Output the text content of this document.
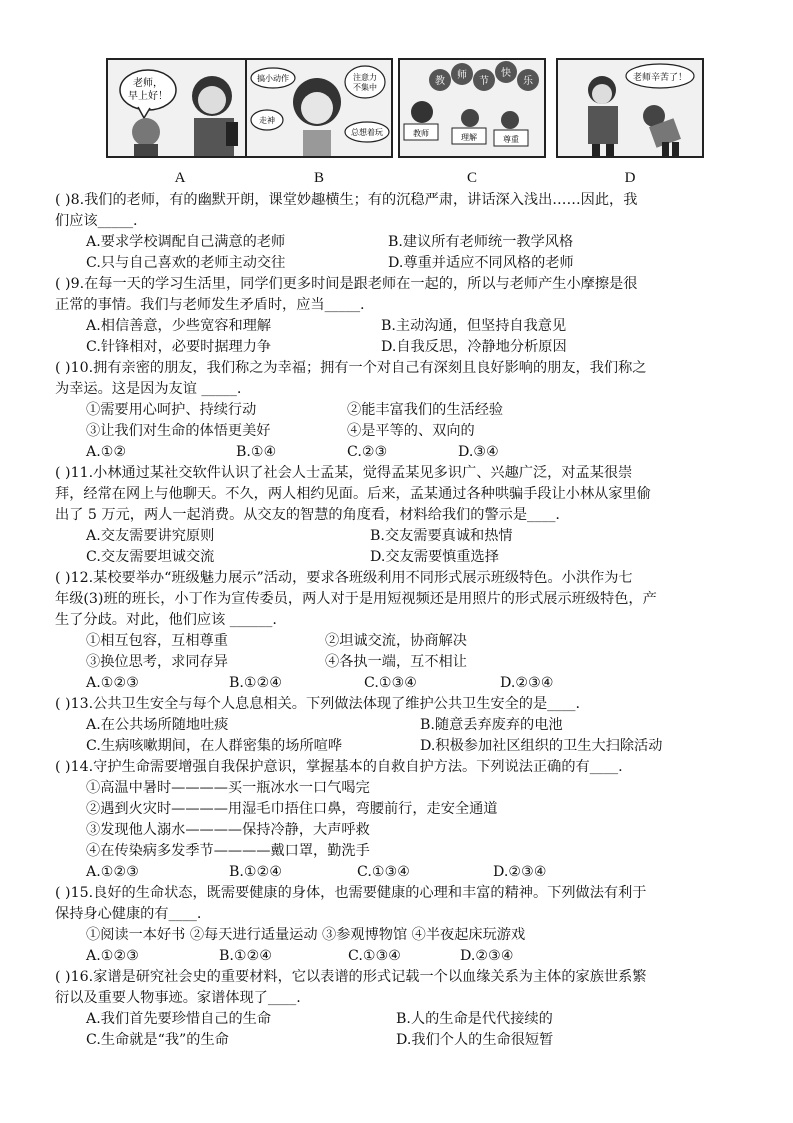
老师，
早上好！
A
搞小动作	注意力
不集中
走神
总想着玩
B
教
师
节
快
乐
教师	理解	尊重
C
老师辛苦了！
D
( )8.我们的老师，有的幽默开朗，课堂妙趣横生；有的沉稳严肃，讲话深入浅出……因此，我
们应该_____.
A.要求学校调配自己满意的老师	B.建议所有老师统一教学风格
C.只与自己喜欢的老师主动交往	D.尊重并适应不同风格的老师
( )9.在每一天的学习生活里，同学们更多时间是跟老师在一起的，所以与老师产生小摩擦是很
正常的事情。我们与老师发生矛盾时，应当_____.
A.相信善意，少些宽容和理解	B.主动沟通，但坚持自我意见
C.针锋相对，必要时据理力争	D.自我反思，冷静地分析原因
( )10.拥有亲密的朋友，我们称之为幸福；拥有一个对自己有深刻且良好影响的朋友，我们称之
为幸运。这是因为友谊 _____.
①需要用心呵护、持续行动	②能丰富我们的生活经验
③让我们对生命的体悟更美好	④是平等的、双向的
A.①②	B.①④	C.②③	D.③④
( )11.小林通过某社交软件认识了社会人士孟某，觉得孟某见多识广、兴趣广泛，对孟某很崇
拜，经常在网上与他聊天。不久，两人相约见面。后来，孟某通过各种哄骗手段让小林从家里偷
出了 5 万元，两人一起消费。从交友的智慧的角度看，材料给我们的警示是____.
A.交友需要讲究原则	B.交友需要真诚和热情
C.交友需要坦诚交流	D.交友需要慎重选择
( )12.某校要举办“班级魅力展示”活动，要求各班级利用不同形式展示班级特色。小洪作为七
年级(3)班的班长，小丁作为宣传委员，两人对于是用短视频还是用照片的形式展示班级特色，产
生了分歧。对此，他们应该 ______.
①相互包容，互相尊重	②坦诚交流，协商解决
③换位思考，求同存异	④各执一端，互不相让
A.①②③	B.①②④	C.①③④	D.②③④
( )13.公共卫生安全与每个人息息相关。下列做法体现了维护公共卫生安全的是____.
A.在公共场所随地吐痰	B.随意丢弃废弃的电池
C.生病咳嗽期间，在人群密集的场所喧哗	D.积极参加社区组织的卫生大扫除活动
( )14.守护生命需要增强自我保护意识，掌握基本的自救自护方法。下列说法正确的有____.
①高温中暑时————买一瓶冰水一口气喝完
②遇到火灾时————用湿毛巾捂住口鼻，弯腰前行，走安全通道
③发现他人溺水————保持冷静，大声呼救
④在传染病多发季节————戴口罩，勤洗手
A.①②③	B.①②④	C.①③④	D.②③④
( )15.良好的生命状态，既需要健康的身体，也需要健康的心理和丰富的精神。下列做法有利于
保持身心健康的有____.
①阅读一本好书 ②每天进行适量运动 ③参观博物馆 ④半夜起床玩游戏
A.①②③	B.①②④	C.①③④	D.②③④
( )16.家谱是研究社会史的重要材料，它以表谱的形式记载一个以血缘关系为主体的家族世系繁
衍以及重要人物事迹。家谱体现了____.
A.我们首先要珍惜自己的生命	B.人的生命是代代接续的
C.生命就是“我”的生命	D.我们个人的生命很短暂
